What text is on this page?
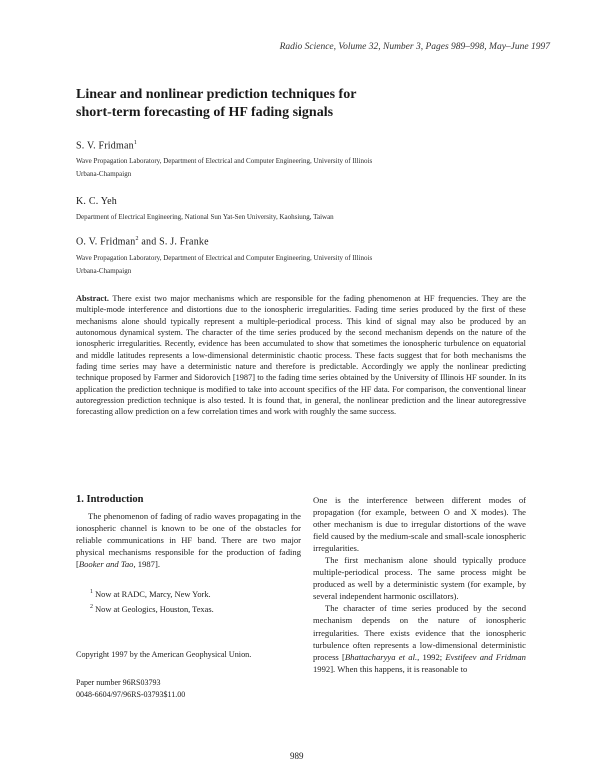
Radio Science, Volume 32, Number 3, Pages 989–998, May–June 1997
Linear and nonlinear prediction techniques for
short-term forecasting of HF fading signals
S. V. Fridman$^1$
Wave Propagation Laboratory, Department of Electrical and Computer Engineering, University of Illinois
Urbana-Champaign
K. C. Yeh
Department of Electrical Engineering, National Sun Yat-Sen University, Kaohsiung, Taiwan
O. V. Fridman$^2$ and S. J. Franke
Wave Propagation Laboratory, Department of Electrical and Computer Engineering, University of Illinois
Urbana-Champaign
Abstract. There exist two major mechanisms which are responsible for the fading phenomenon at HF frequencies. They are the multiple-mode interference and distortions due to the ionospheric irregularities. Fading time series produced by the first of these mechanisms alone should typically represent a multiple-periodical process. This kind of signal may also be produced by an autonomous dynamical system. The character of the time series produced by the second mechanism depends on the nature of the ionospheric irregularities. Recently, evidence has been accumulated to show that sometimes the ionospheric turbulence on equatorial and middle latitudes represents a low-dimensional deterministic chaotic process. These facts suggest that for both mechanisms the fading time series may have a deterministic nature and therefore is predictable. Accordingly we apply the nonlinear predicting technique proposed by Farmer and Sidorovich [1987] to the fading time series obtained by the University of Illinois HF sounder. In its application the prediction technique is modified to take into account specifics of the HF data. For comparison, the conventional linear autoregression prediction technique is also tested. It is found that, in general, the nonlinear prediction and the linear autoregressive forecasting allow prediction on a few correlation times and work with roughly the same success.
1. Introduction

The phenomenon of fading of radio waves propagating in the ionospheric channel is known to be one of the obstacles for reliable communications in HF band. There are two major physical mechanisms responsible for the production of fading [Booker and Tao, 1987].

$^1$ Now at RADC, Marcy, New York.
$^2$ Now at Geologics, Houston, Texas.
Copyright 1997 by the American Geophysical Union.
Paper number 96RS03793
0048-6604/97/96RS-03793$11.00

One is the interference between different modes of propagation (for example, between O and X modes). The other mechanism is due to irregular distortions of the wave field caused by the medium-scale and small-scale ionospheric irregularities.

The first mechanism alone should typically produce multiple-periodical process. The same process might be produced as well by a deterministic system (for example, by several independent harmonic oscillators).

The character of time series produced by the second mechanism depends on the nature of ionospheric irregularities. There exists evidence that the ionospheric turbulence often represents a low-dimensional deterministic process [Bhattacharyya et al., 1992; Evstifeev and Fridman 1992]. When this happens, it is reasonable to

989
